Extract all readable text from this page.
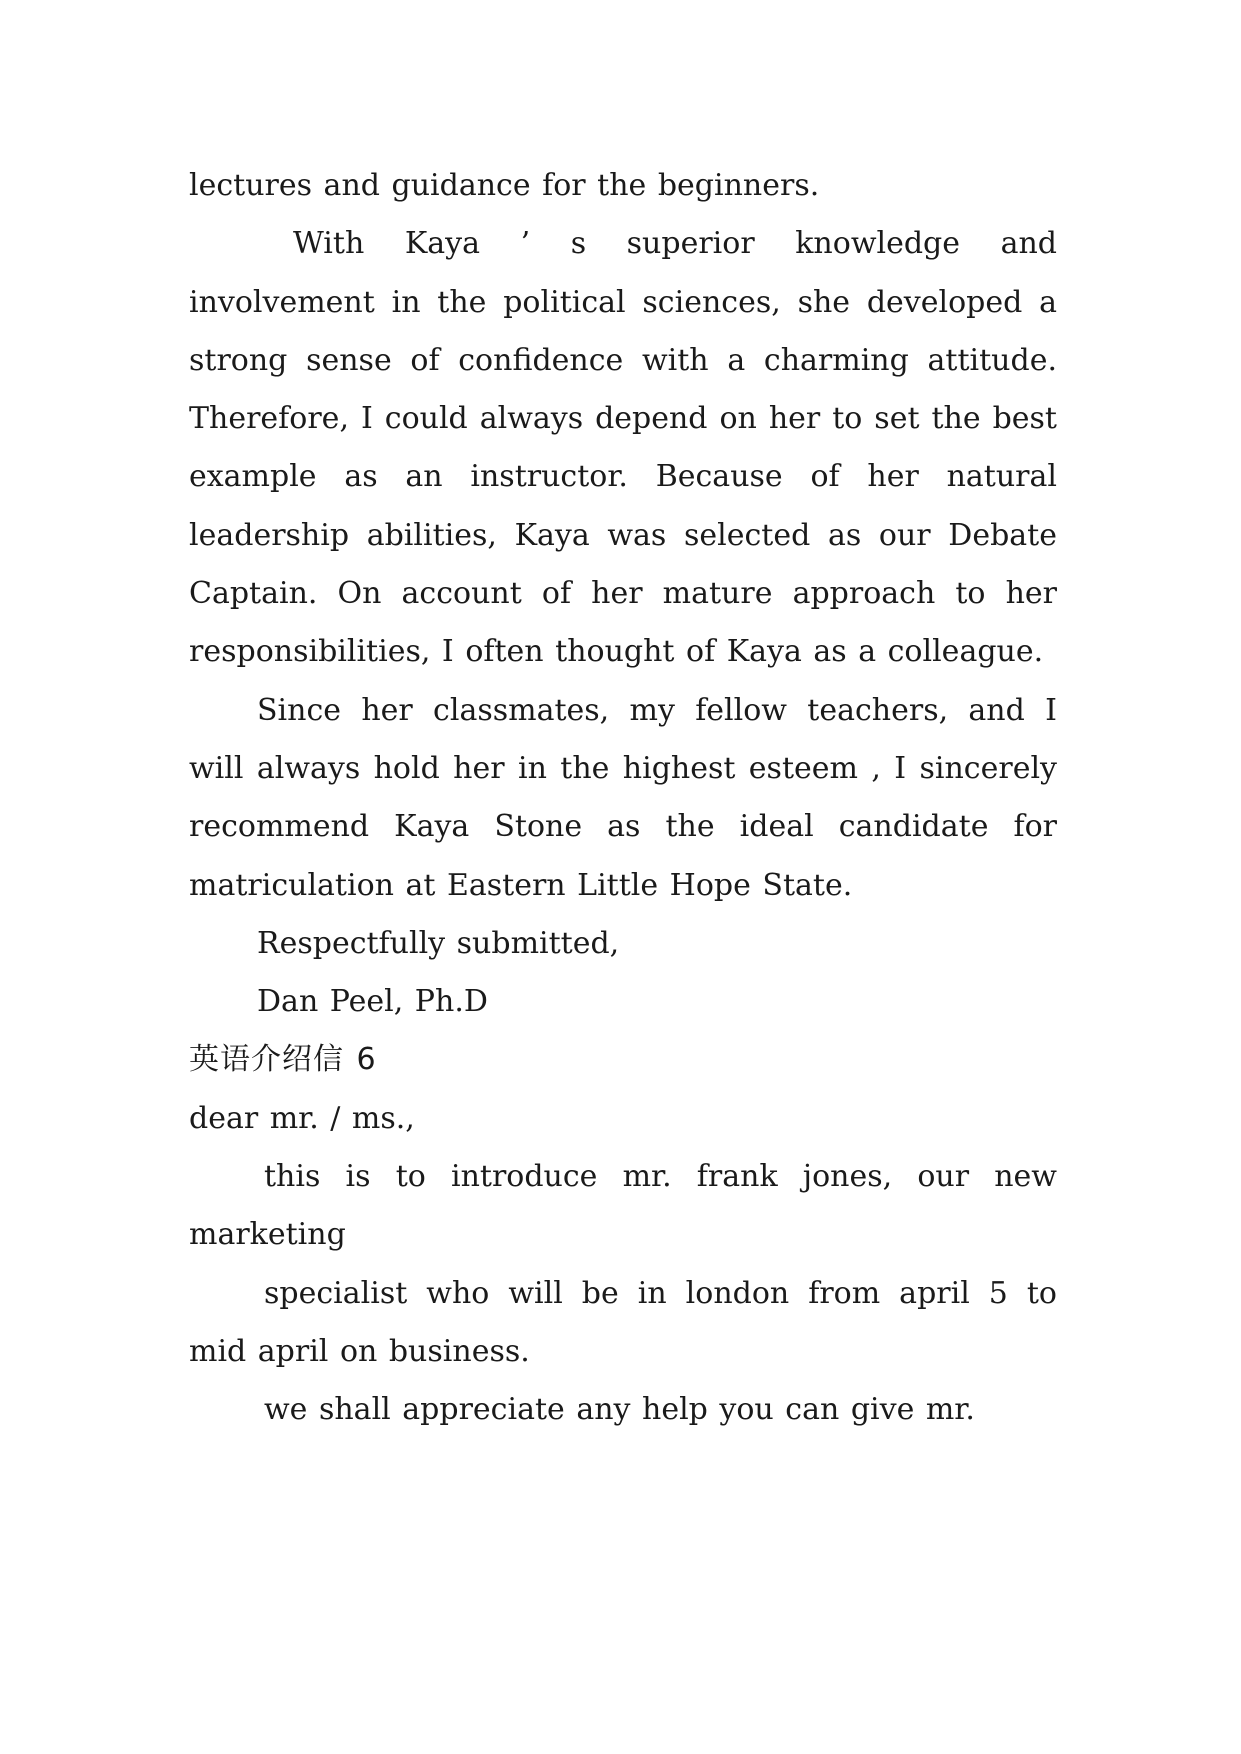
lectures and guidance for the beginners.

With Kaya ’ s superior knowledge and involvement in the political sciences, she developed a strong sense of confidence with a charming attitude. Therefore, I could always depend on her to set the best example as an instructor. Because of her natural leadership abilities, Kaya was selected as our Debate Captain. On account of her mature approach to her responsibilities, I often thought of Kaya as a colleague.

Since her classmates, my fellow teachers, and I will always hold her in the highest esteem , I sincerely recommend Kaya Stone as the ideal candidate for matriculation at Eastern Little Hope State.

Respectfully submitted,

Dan Peel, Ph.D

英语介绍信 6

dear mr. / ms.,

this is to introduce mr. frank jones, our new marketing

specialist who will be in london from april 5 to mid april on business.

we shall appreciate any help you can give mr.
